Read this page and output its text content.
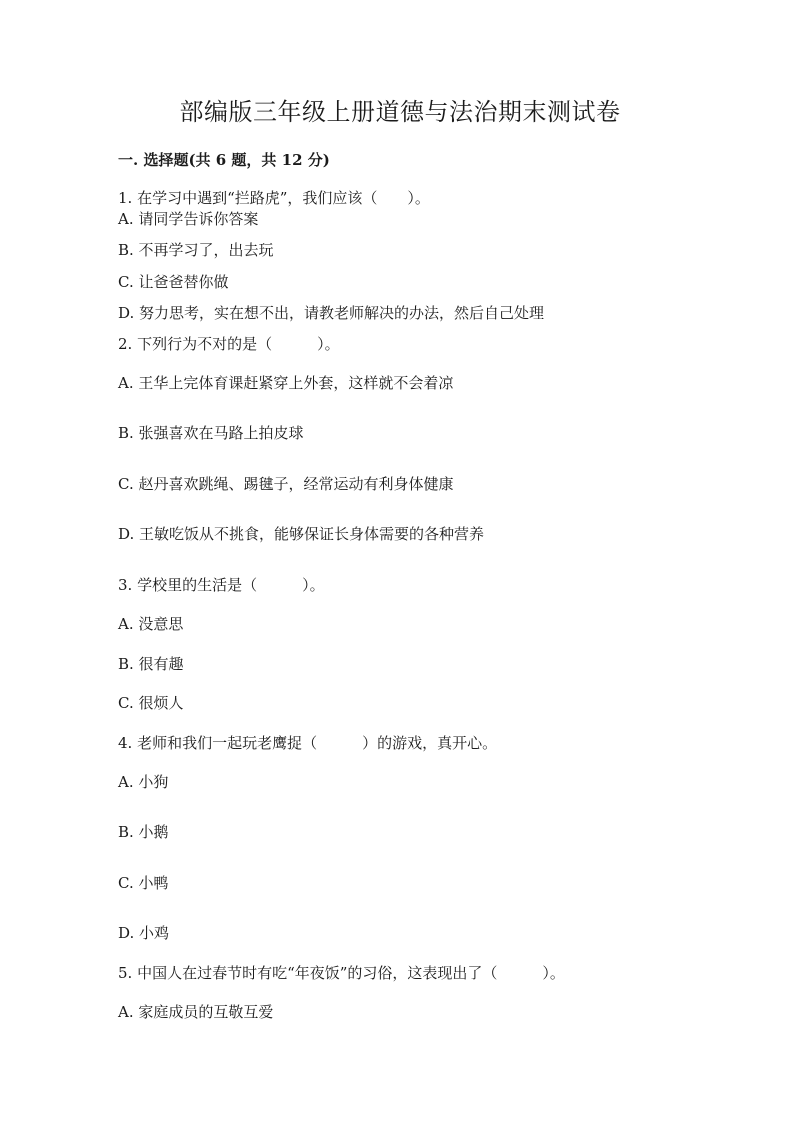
部编版三年级上册道德与法治期末测试卷
一. 选择题(共 6 题，共 12 分)
1. 在学习中遇到“拦路虎”，我们应该（　　）。
A. 请同学告诉你答案
B. 不再学习了，出去玩
C. 让爸爸替你做
D. 努力思考，实在想不出，请教老师解决的办法，然后自己处理
2. 下列行为不对的是（　　　）。
A. 王华上完体育课赶紧穿上外套，这样就不会着凉
B. 张强喜欢在马路上拍皮球
C. 赵丹喜欢跳绳、踢毽子，经常运动有利身体健康
D. 王敏吃饭从不挑食，能够保证长身体需要的各种营养
3. 学校里的生活是（　　　）。
A. 没意思
B. 很有趣
C. 很烦人
4. 老师和我们一起玩老鹰捉（　　　）的游戏，真开心。
A. 小狗
B. 小鹅
C. 小鸭
D. 小鸡
5. 中国人在过春节时有吃“年夜饭”的习俗，这表现出了（　　　）。
A. 家庭成员的互敬互爱
